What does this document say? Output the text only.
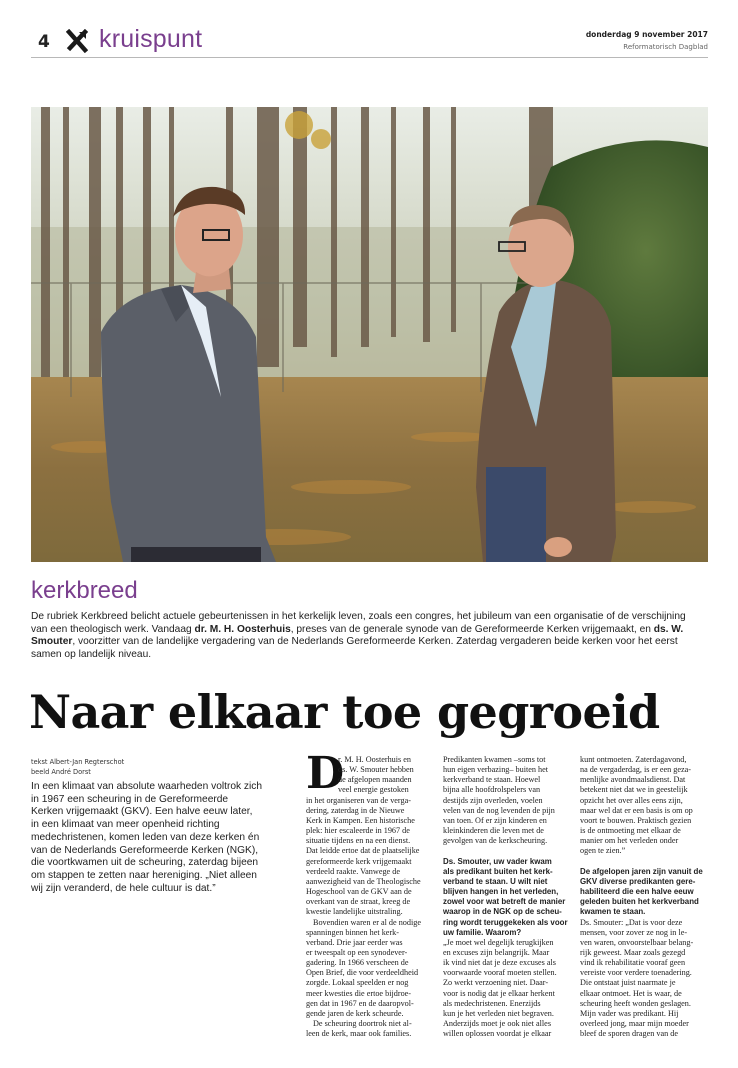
4 kruispunt	donderdag 9 november 2017
Reformatorisch Dagblad
kerkbreed

De rubriek Kerkbreed belicht actuele gebeurtenissen in het kerkelijk leven, zoals een congres, het jubileum van een organisatie of de verschijning van een theologisch werk. Vandaag dr. M. H. Oosterhuis, preses van de generale synode van de Gereformeerde Kerken vrijgemaakt, en ds. W. Smouter, voorzitter van de landelijke vergadering van de Nederlands Gereformeerde Kerken. Zaterdag vergaderen beide kerken voor het eerst samen op landelijk niveau.

Naar elkaar toe gegroeid
tekst Albert-Jan Regterschot
beeld André Dorst

In een klimaat van absolute waarheden voltrok zich in 1967 een scheuring in de Gereformeerde Kerken vrijgemaakt (GKV). Een halve eeuw later, in een klimaat van meer openheid richting medechristenen, komen leden van deze kerken én van de Nederlands Gereformeerde Kerken (NGK), die voortkwamen uit de scheuring, zaterdag bijeen om stappen te zetten naar hereniging. „Niet alleen wij zijn veranderd, de hele cultuur is dat.”

D
r. M. H. Oosterhuis en
ds. W. Smouter hebben
de afgelopen maanden
veel energie gestoken
in het organiseren van de verga-
dering, zaterdag in de Nieuwe
Kerk in Kampen. Een historische
plek: hier escaleerde in 1967 de
situatie tijdens en na een dienst.
Dat leidde ertoe dat de plaatselijke
gereformeerde kerk vrijgemaakt
verdeeld raakte. Vanwege de
aanwezigheid van de Theologische
Hogeschool van de GKV aan de
overkant van de straat, kreeg de
kwestie landelijke uitstraling.
Bovendien waren er al de nodige
spanningen binnen het kerk-
verband. Drie jaar eerder was
er tweespalt op een synodever-
gadering. In 1966 verscheen de
Open Brief, die voor verdeeldheid
zorgde. Lokaal speelden er nog
meer kwesties die ertoe bijdroe-
gen dat in 1967 en de daaropvol-
gende jaren de kerk scheurde.
De scheuring doortrok niet al-
leen de kerk, maar ook families.
Predikanten kwamen –soms tot
hun eigen verbazing– buiten het
kerkverband te staan. Hoewel
bijna alle hoofdrolspelers van
destijds zijn overleden, voelen
velen van de nog levenden de pijn
van toen. Of er zijn kinderen en
kleinkinderen die leven met de
gevolgen van de kerkscheuring.

Ds. Smouter, uw vader kwam
als predikant buiten het kerk-
verband te staan. U wilt niet
blijven hangen in het verleden,
zowel voor wat betreft de manier
waarop in de NGK op de scheu-
ring wordt teruggekeken als voor
uw familie. Waarom?
„Je moet wel degelijk terugkijken
en excuses zijn belangrijk. Maar
ik vind niet dat je deze excuses als
voorwaarde vooraf moeten stellen.
Zo werkt verzoening niet. Daar-
voor is nodig dat je elkaar herkent
als medechristenen. Enerzijds
kun je het verleden niet begraven.
Anderzijds moet je ook niet alles
willen oplossen voordat je elkaar
kunt ontmoeten. Zaterdagavond,
na de vergaderdag, is er een geza-
menlijke avondmaalsdienst. Dat
betekent niet dat we in geestelijk
opzicht het over alles eens zijn,
maar wel dat er een basis is om op
voort te bouwen. Praktisch gezien
is de ontmoeting met elkaar de
manier om het verleden onder
ogen te zien.”

De afgelopen jaren zijn vanuit de
GKV diverse predikanten gere-
habiliteerd die een halve eeuw
geleden buiten het kerkverband
kwamen te staan.
Ds. Smouter: „Dat is voor deze
mensen, voor zover ze nog in le-
ven waren, onvoorstelbaar belang-
rijk geweest. Maar zoals gezegd
vind ik rehabilitatie vooraf geen
vereiste voor verdere toenadering.
Die ontstaat juist naarmate je
elkaar ontmoet. Het is waar, de
scheuring heeft wonden geslagen.
Mijn vader was predikant. Hij
overleed jong, maar mijn moeder
bleef de sporen dragen van de
